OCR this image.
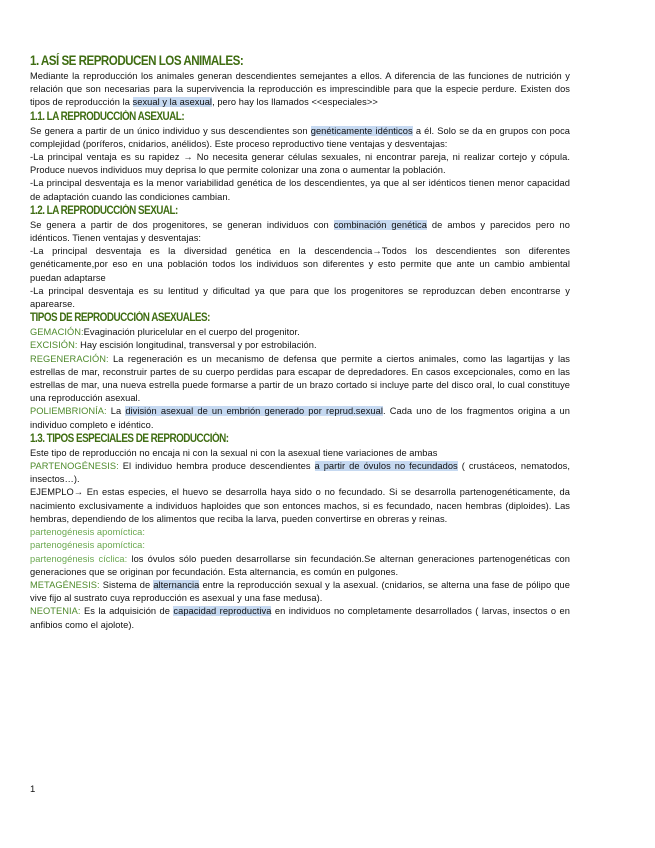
1. ASÍ SE REPRODUCEN LOS ANIMALES:

Mediante la reproducción los animales generan descendientes semejantes a ellos. A diferencia de las funciones de nutrición y relación que son necesarias para la supervivencia la reproducción es imprescindible para que la especie perdure. Existen dos tipos de reproducción la sexual y la asexual, pero hay los llamados <<especiales>>

1.1. LA REPRODUCCIÓN ASEXUAL:

Se genera a partir de un único individuo y sus descendientes son genéticamente idénticos a él. Solo se da en grupos con poca complejidad (poríferos, cnidarios, anélidos). Este proceso reproductivo tiene ventajas y desventajas:

-La principal ventaja es su rapidez → No necesita generar células sexuales, ni encontrar pareja, ni realizar cortejo y cópula. Produce nuevos individuos muy deprisa lo que permite colonizar una zona o aumentar la población.

-La principal desventaja es la menor variabilidad genética de los descendientes, ya que al ser idénticos tienen menor capacidad de adaptación cuando las condiciones cambian.

1.2. LA REPRODUCCIÓN SEXUAL:

Se genera a partir de dos progenitores, se generan individuos con combinación genética de ambos y parecidos pero no idénticos. Tienen ventajas y desventajas:

-La principal desventaja es la diversidad genética en la descendencia→Todos los descendientes son diferentes genéticamente,por eso en una población todos los individuos son diferentes y esto permite que ante un cambio ambiental puedan adaptarse

-La principal desventaja es su lentitud y dificultad ya que para que los progenitores se reproduzcan deben encontrarse y aparearse.

TIPOS DE REPRODUCCIÓN ASEXUALES:

GEMACIÓN:Evaginación pluricelular en el cuerpo del progenitor.

EXCISIÓN: Hay escisión longitudinal, transversal y por estrobilación.

REGENERACIÓN: La regeneración es un mecanismo de defensa que permite a ciertos animales, como las lagartijas y las estrellas de mar, reconstruir partes de su cuerpo perdidas para escapar de depredadores. En casos excepcionales, como en las estrellas de mar, una nueva estrella puede formarse a partir de un brazo cortado si incluye parte del disco oral, lo cual constituye una reproducción asexual.

POLIEMBRIONÍA: La división asexual de un embrión generado por reprud.sexual. Cada uno de los fragmentos origina a un individuo completo e idéntico.

1.3. TIPOS ESPECIALES DE REPRODUCCIÓN:

Este tipo de reproducción no encaja ni con la sexual ni con la asexual tiene variaciones de ambas

PARTENOGÉNESIS: El individuo hembra produce descendientes a partir de óvulos no fecundados ( crustáceos, nematodos, insectos…).

EJEMPLO→ En estas especies, el huevo se desarrolla haya sido o no fecundado. Si se desarrolla partenogenéticamente, da nacimiento exclusivamente a individuos haploides que son entonces machos, si es fecundado, nacen hembras (diploides). Las hembras, dependiendo de los alimentos que reciba la larva, pueden convertirse en obreras y reinas.

partenogénesis apomíctica:

partenogénesis apomíctica:

partenogénesis cíclica: los óvulos sólo pueden desarrollarse sin fecundación.Se alternan generaciones partenogenéticas con generaciones que se originan por fecundación. Esta alternancia, es común en pulgones.

METAGÉNESIS: Sistema de alternancia entre la reproducción sexual y la asexual. (cnidarios, se alterna una fase de pólipo que vive fijo al sustrato cuya reproducción es asexual y una fase medusa).

NEOTENIA: Es la adquisición de capacidad reproductiva en individuos no completamente desarrollados ( larvas, insectos o en anfibios como el ajolote).

1
